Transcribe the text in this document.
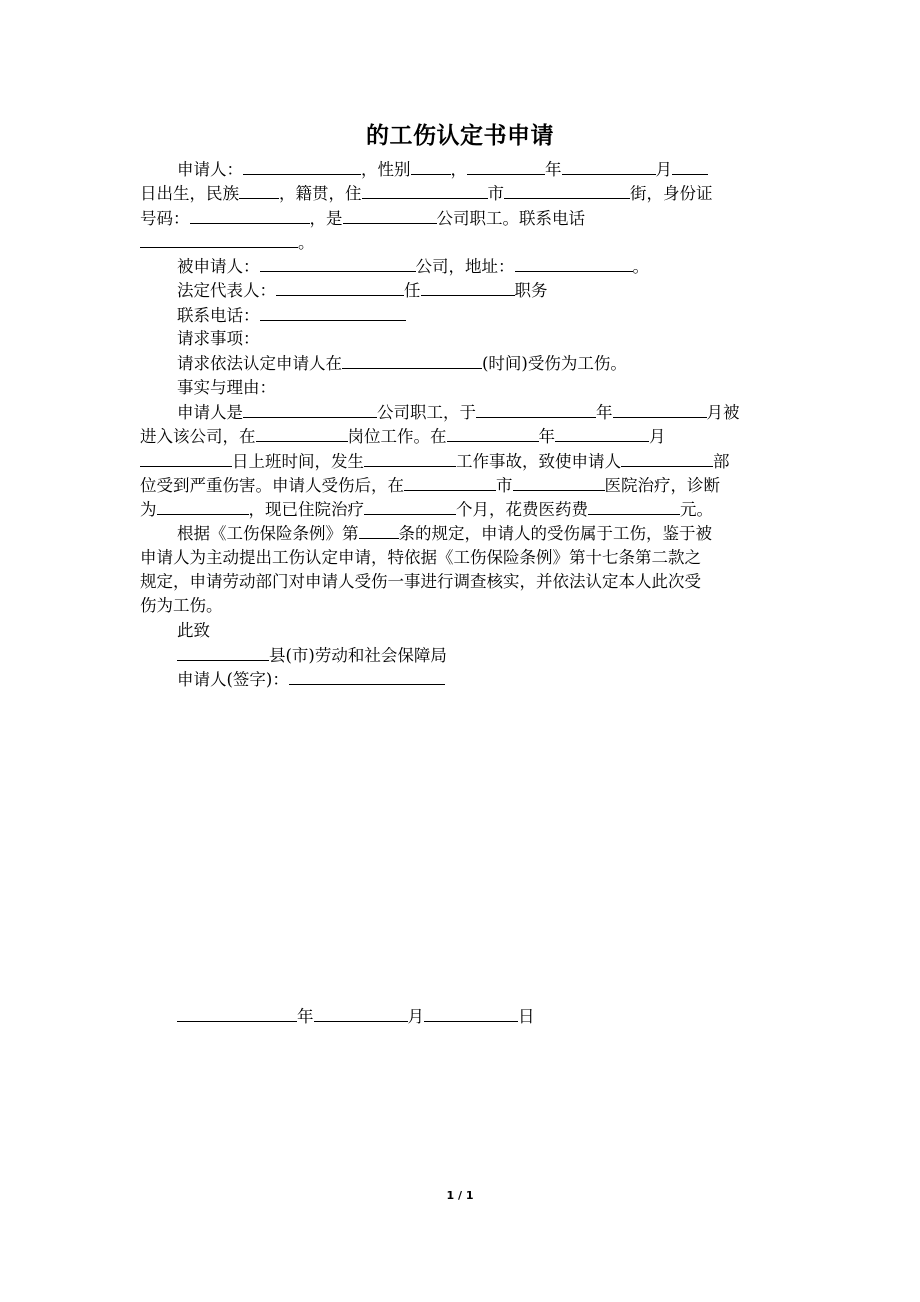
的工伤认定书申请
申请人：	，性别 ，	年	月
日出生，民族 ，籍贯，住	市	街，身份证
号码：	，是	公司职工。联系电话
。
被申请人：	公司，地址：	。
法定代表人：	任	职务
联系电话：
请求事项：
请求依法认定申请人在	(时间)受伤为工伤。
事实与理由：
申请人是	公司职工，于	年	月被
进入该公司，在	岗位工作。在	年	月
日上班时间，发生	工作事故，致使申请人	部
位受到严重伤害。申请人受伤后，在	市	医院治疗，诊断
为	，现已住院治疗	个月，花费医药费	元。
根据《工伤保险条例》第 条的规定，申请人的受伤属于工伤，鉴于被
申请人为主动提出工伤认定申请，特依据《工伤保险条例》第十七条第二款之
规定，申请劳动部门对申请人受伤一事进行调查核实，并依法认定本人此次受
伤为工伤。
此致
县(市)劳动和社会保障局
申请人(签字)：
年	月	日
1 / 1
